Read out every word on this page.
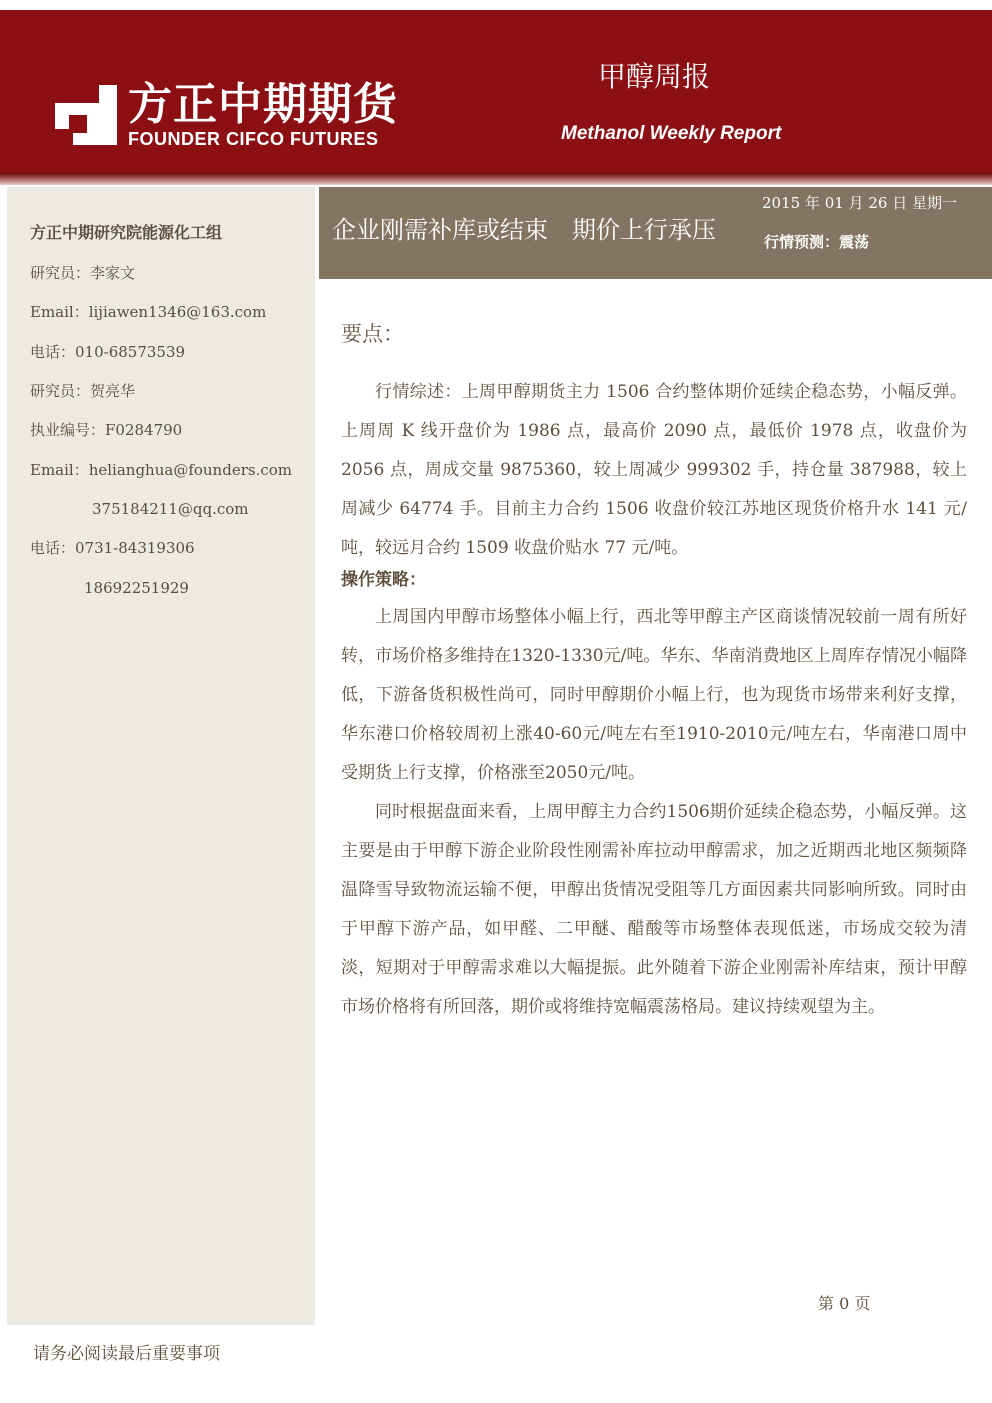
方正中期期货
FOUNDER CIFCO FUTURES
甲醇周报
Methanol Weekly Report
方正中期研究院能源化工组
研究员：李家文
Email：lijiawen1346@163.com
电话：010-68573539
研究员：贺亮华
执业编号：F0284790
Email：helianghua@founders.com
375184211@qq.com
电话：0731-84319306
18692251929
企业刚需补库或结束　期价上行承压
2015 年 01 月 26 日 星期一
行情预测：震荡
要点：

行情综述：上周甲醇期货主力 1506 合约整体期价延续企稳态势，小幅反弹。上周周 K 线开盘价为 1986 点，最高价 2090 点，最低价 1978 点，收盘价为 2056 点，周成交量 9875360，较上周减少 999302 手，持仓量 387988，较上周减少 64774 手。目前主力合约 1506 收盘价较江苏地区现货价格升水 141 元/吨，较远月合约 1509 收盘价贴水 77 元/吨。

操作策略：

上周国内甲醇市场整体小幅上行，西北等甲醇主产区商谈情况较前一周有所好转，市场价格多维持在1320-1330元/吨。华东、华南消费地区上周库存情况小幅降低，下游备货积极性尚可，同时甲醇期价小幅上行，也为现货市场带来利好支撑，华东港口价格较周初上涨40-60元/吨左右至1910-2010元/吨左右，华南港口周中受期货上行支撑，价格涨至2050元/吨。

同时根据盘面来看，上周甲醇主力合约1506期价延续企稳态势，小幅反弹。这主要是由于甲醇下游企业阶段性刚需补库拉动甲醇需求，加之近期西北地区频频降温降雪导致物流运输不便，甲醇出货情况受阻等几方面因素共同影响所致。同时由于甲醇下游产品，如甲醛、二甲醚、醋酸等市场整体表现低迷，市场成交较为清淡，短期对于甲醇需求难以大幅提振。此外随着下游企业刚需补库结束，预计甲醇市场价格将有所回落，期价或将维持宽幅震荡格局。建议持续观望为主。

第 0 页
请务必阅读最后重要事项
